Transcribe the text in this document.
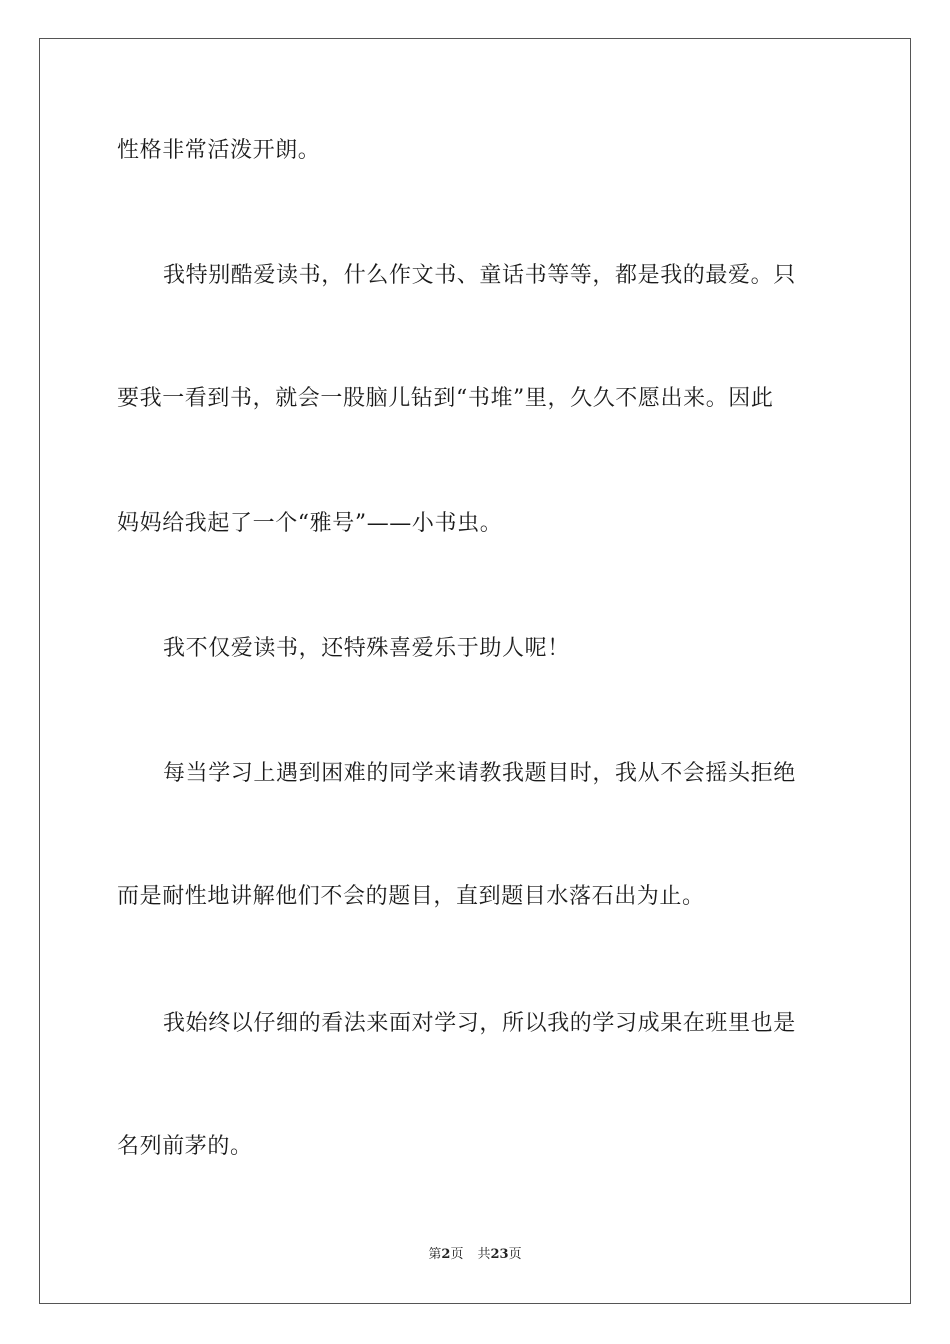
性格非常活泼开朗。
我特别酷爱读书，什么作文书、童话书等等，都是我的最爱。只
要我一看到书，就会一股脑儿钻到“书堆”里，久久不愿出来。因此
妈妈给我起了一个“雅号”——小书虫。
我不仅爱读书，还特殊喜爱乐于助人呢！
每当学习上遇到困难的同学来请教我题目时，我从不会摇头拒绝
而是耐性地讲解他们不会的题目，直到题目水落石出为止。
我始终以仔细的看法来面对学习，所以我的学习成果在班里也是
名列前茅的。
第2页 共23页
